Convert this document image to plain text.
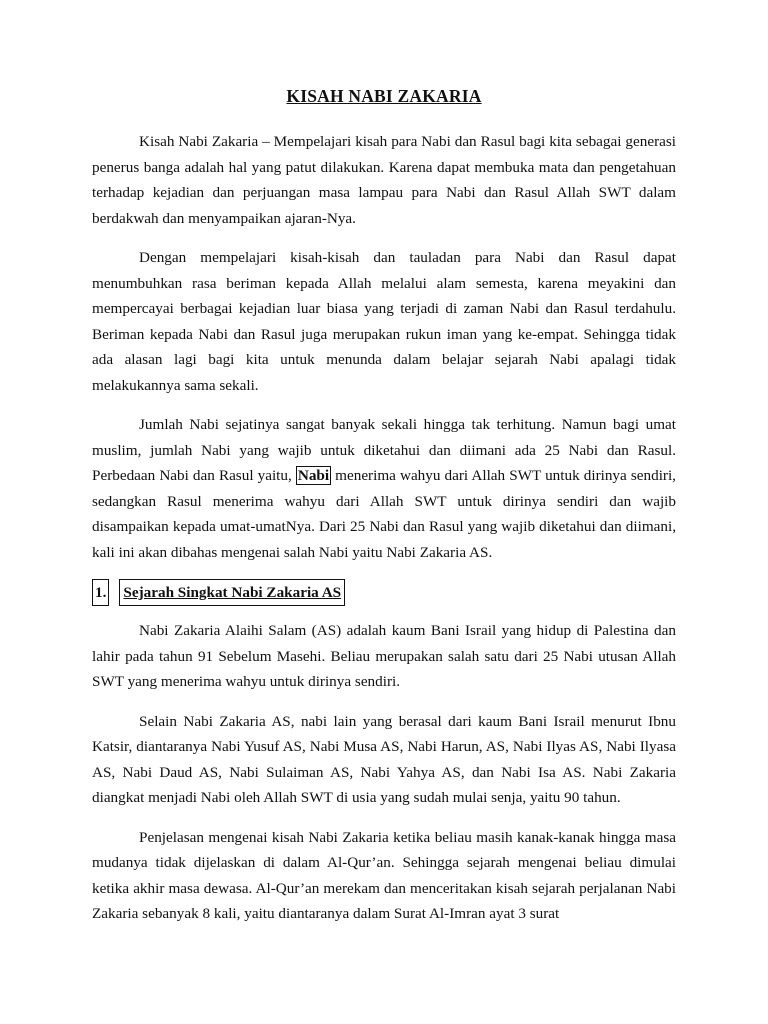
KISAH NABI ZAKARIA

Kisah Nabi Zakaria – Mempelajari kisah para Nabi dan Rasul bagi kita sebagai generasi penerus banga adalah hal yang patut dilakukan. Karena dapat membuka mata dan pengetahuan terhadap kejadian dan perjuangan masa lampau para Nabi dan Rasul Allah SWT dalam berdakwah dan menyampaikan ajaran-Nya.

Dengan mempelajari kisah-kisah dan tauladan para Nabi dan Rasul dapat menumbuhkan rasa beriman kepada Allah melalui alam semesta, karena meyakini dan mempercayai berbagai kejadian luar biasa yang terjadi di zaman Nabi dan Rasul terdahulu. Beriman kepada Nabi dan Rasul juga merupakan rukun iman yang ke-empat. Sehingga tidak ada alasan lagi bagi kita untuk menunda dalam belajar sejarah Nabi apalagi tidak melakukannya sama sekali.

Jumlah Nabi sejatinya sangat banyak sekali hingga tak terhitung. Namun bagi umat muslim, jumlah Nabi yang wajib untuk diketahui dan diimani ada 25 Nabi dan Rasul. Perbedaan Nabi dan Rasul yaitu, Nabi menerima wahyu dari Allah SWT untuk dirinya sendiri, sedangkan Rasul menerima wahyu dari Allah SWT untuk dirinya sendiri dan wajib disampaikan kepada umat-umatNya. Dari 25 Nabi dan Rasul yang wajib diketahui dan diimani, kali ini akan dibahas mengenai salah Nabi yaitu Nabi Zakaria AS.

1. Sejarah Singkat Nabi Zakaria AS

Nabi Zakaria Alaihi Salam (AS) adalah kaum Bani Israil yang hidup di Palestina dan lahir pada tahun 91 Sebelum Masehi. Beliau merupakan salah satu dari 25 Nabi utusan Allah SWT yang menerima wahyu untuk dirinya sendiri.

Selain Nabi Zakaria AS, nabi lain yang berasal dari kaum Bani Israil menurut Ibnu Katsir, diantaranya Nabi Yusuf AS, Nabi Musa AS, Nabi Harun, AS, Nabi Ilyas AS, Nabi Ilyasa AS, Nabi Daud AS, Nabi Sulaiman AS, Nabi Yahya AS, dan Nabi Isa AS. Nabi Zakaria diangkat menjadi Nabi oleh Allah SWT di usia yang sudah mulai senja, yaitu 90 tahun.

Penjelasan mengenai kisah Nabi Zakaria ketika beliau masih kanak-kanak hingga masa mudanya tidak dijelaskan di dalam Al-Qur’an. Sehingga sejarah mengenai beliau dimulai ketika akhir masa dewasa. Al-Qur’an merekam dan menceritakan kisah sejarah perjalanan Nabi Zakaria sebanyak 8 kali, yaitu diantaranya dalam Surat Al-Imran ayat 3 surat
